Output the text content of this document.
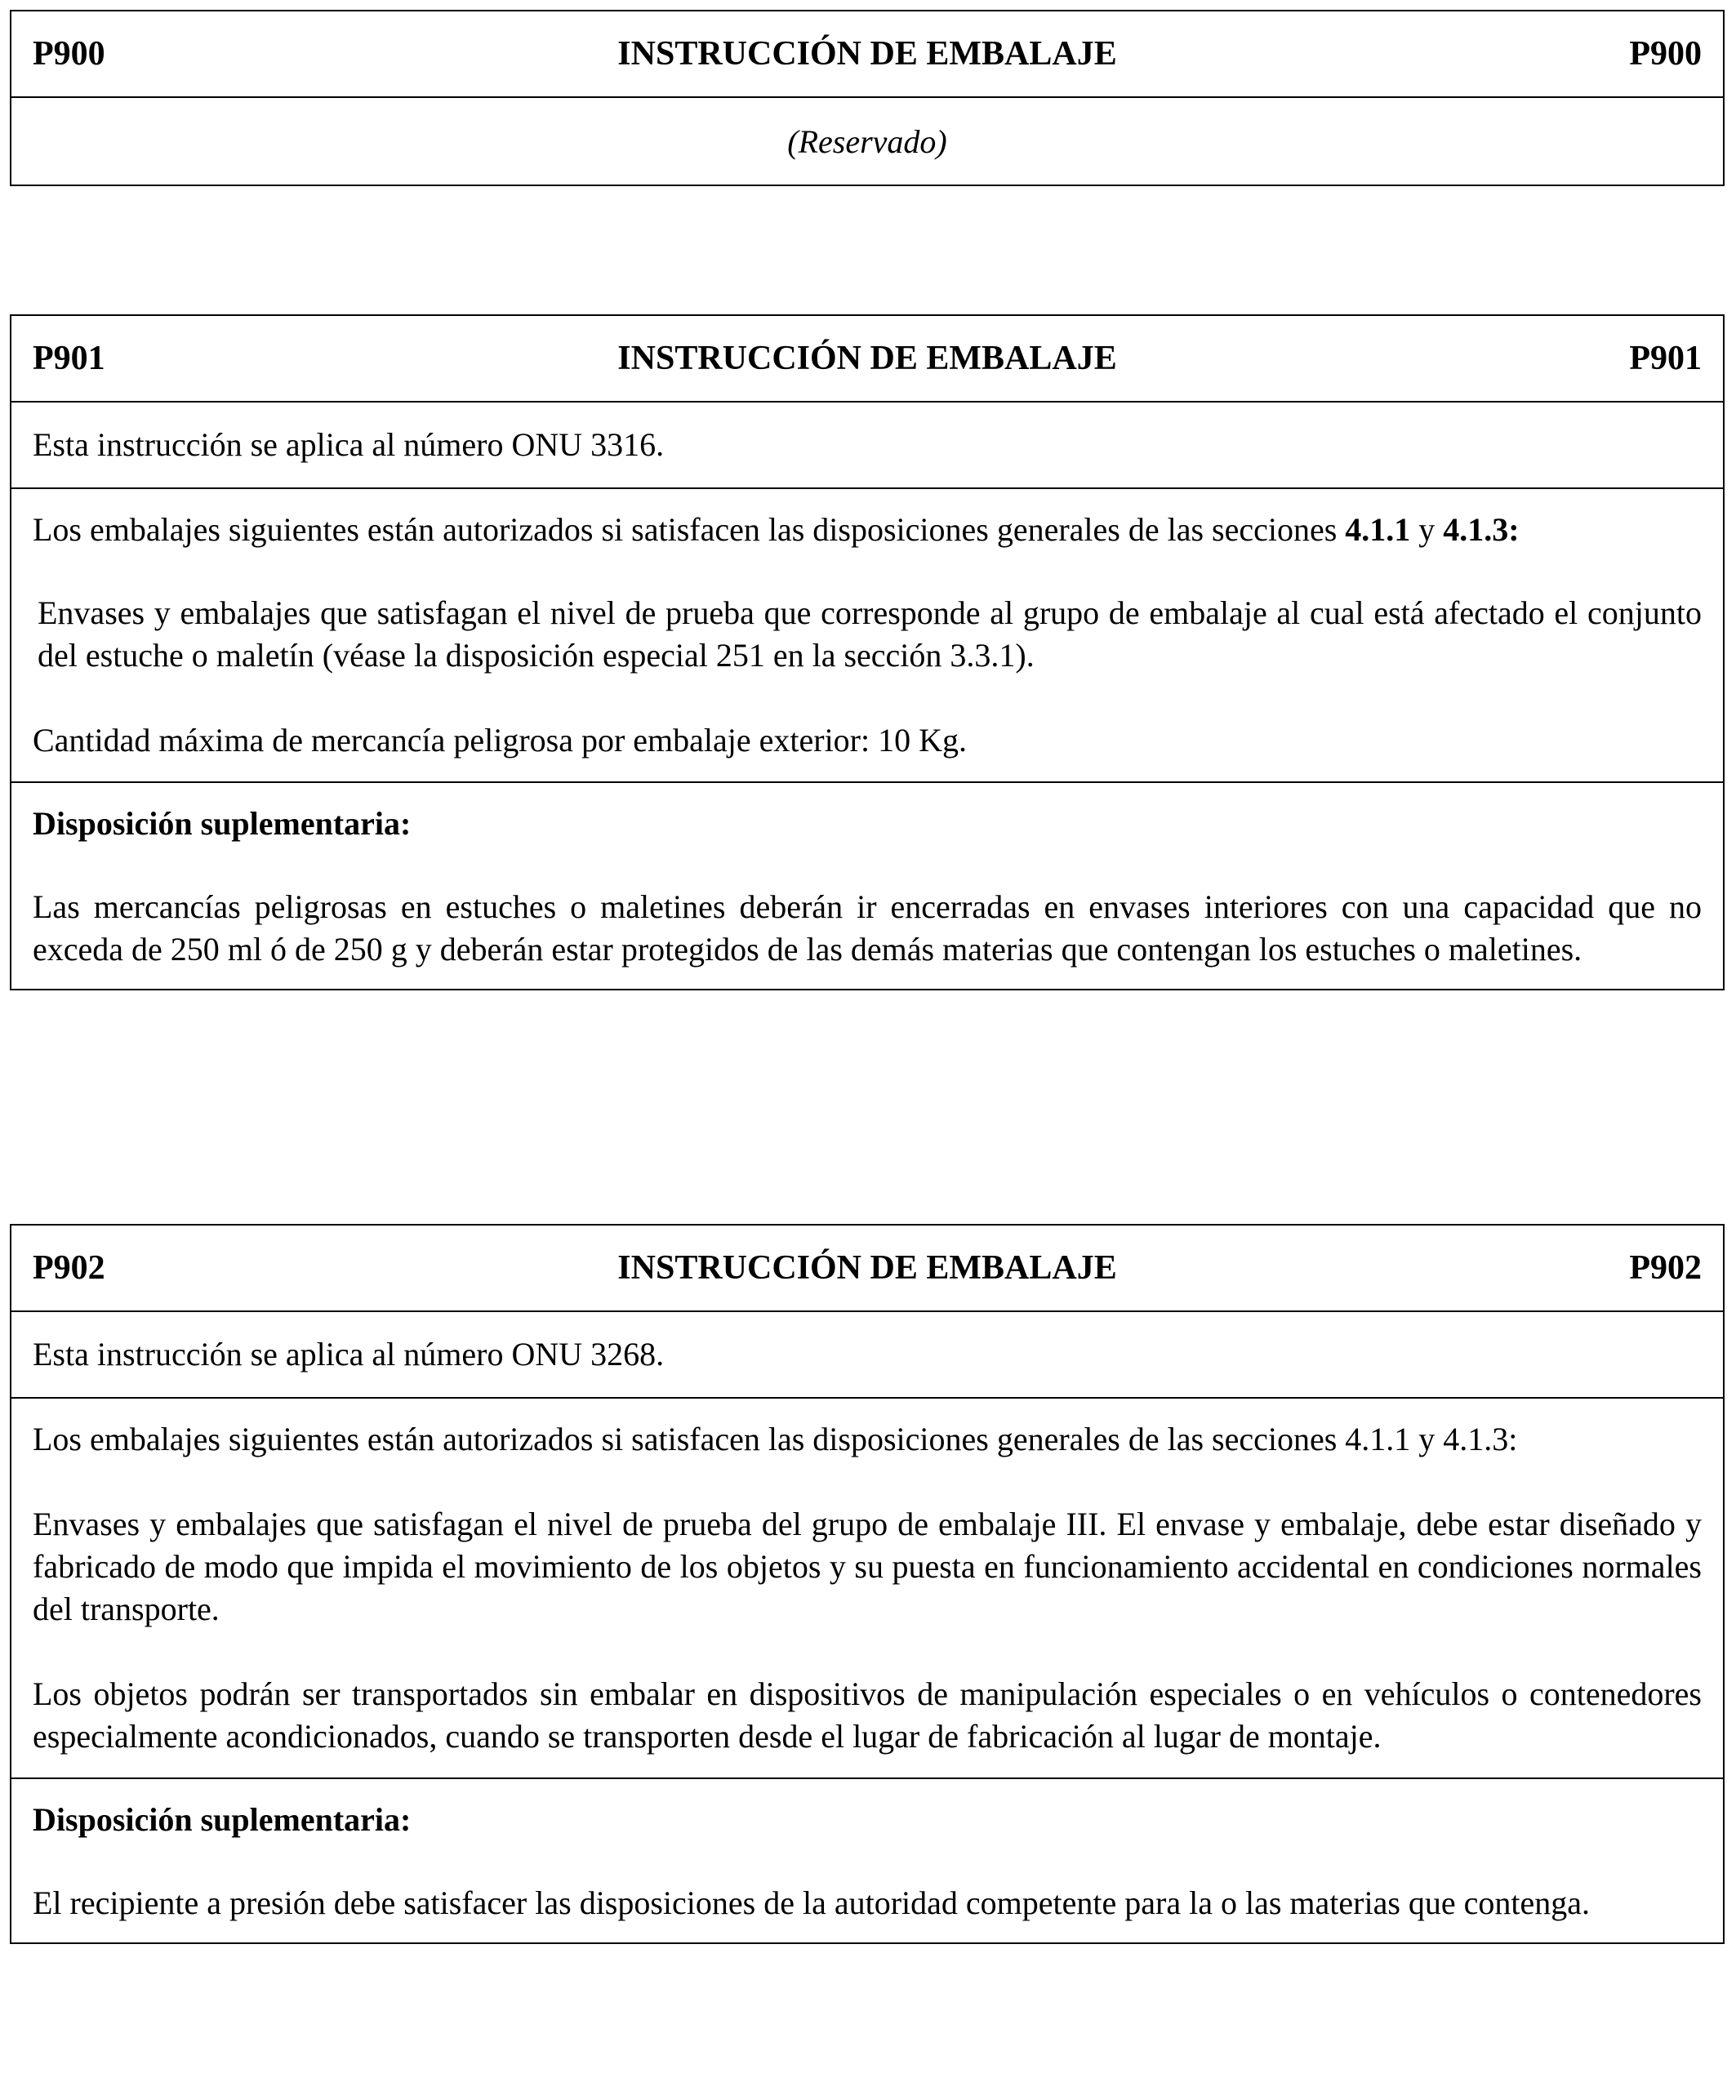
P900	INSTRUCCIÓN DE EMBALAJE	P900
(Reservado)
P901	INSTRUCCIÓN DE EMBALAJE	P901
Esta instrucción se aplica al número ONU 3316.

Los embalajes siguientes están autorizados si satisfacen las disposiciones generales de las secciones 4.1.1 y 4.1.3:

Envases y embalajes que satisfagan el nivel de prueba que corresponde al grupo de embalaje al cual está afectado el conjunto del estuche o maletín (véase la disposición especial 251 en la sección 3.3.1).

Cantidad máxima de mercancía peligrosa por embalaje exterior: 10 Kg.

Disposición suplementaria:

Las mercancías peligrosas en estuches o maletines deberán ir encerradas en envases interiores con una capacidad que no exceda de 250 ml ó de 250 g y deberán estar protegidos de las demás materias que contengan los estuches o maletines.

P902	INSTRUCCIÓN DE EMBALAJE	P902
Esta instrucción se aplica al número ONU 3268.

Los embalajes siguientes están autorizados si satisfacen las disposiciones generales de las secciones 4.1.1 y 4.1.3:

Envases y embalajes que satisfagan el nivel de prueba del grupo de embalaje III. El envase y embalaje, debe estar diseñado y fabricado de modo que impida el movimiento de los objetos y su puesta en funcionamiento accidental en condiciones normales del transporte.

Los objetos podrán ser transportados sin embalar en dispositivos de manipulación especiales o en vehículos o contenedores especialmente acondicionados, cuando se transporten desde el lugar de fabricación al lugar de montaje.

Disposición suplementaria:

El recipiente a presión debe satisfacer las disposiciones de la autoridad competente para la o las materias que contenga.
